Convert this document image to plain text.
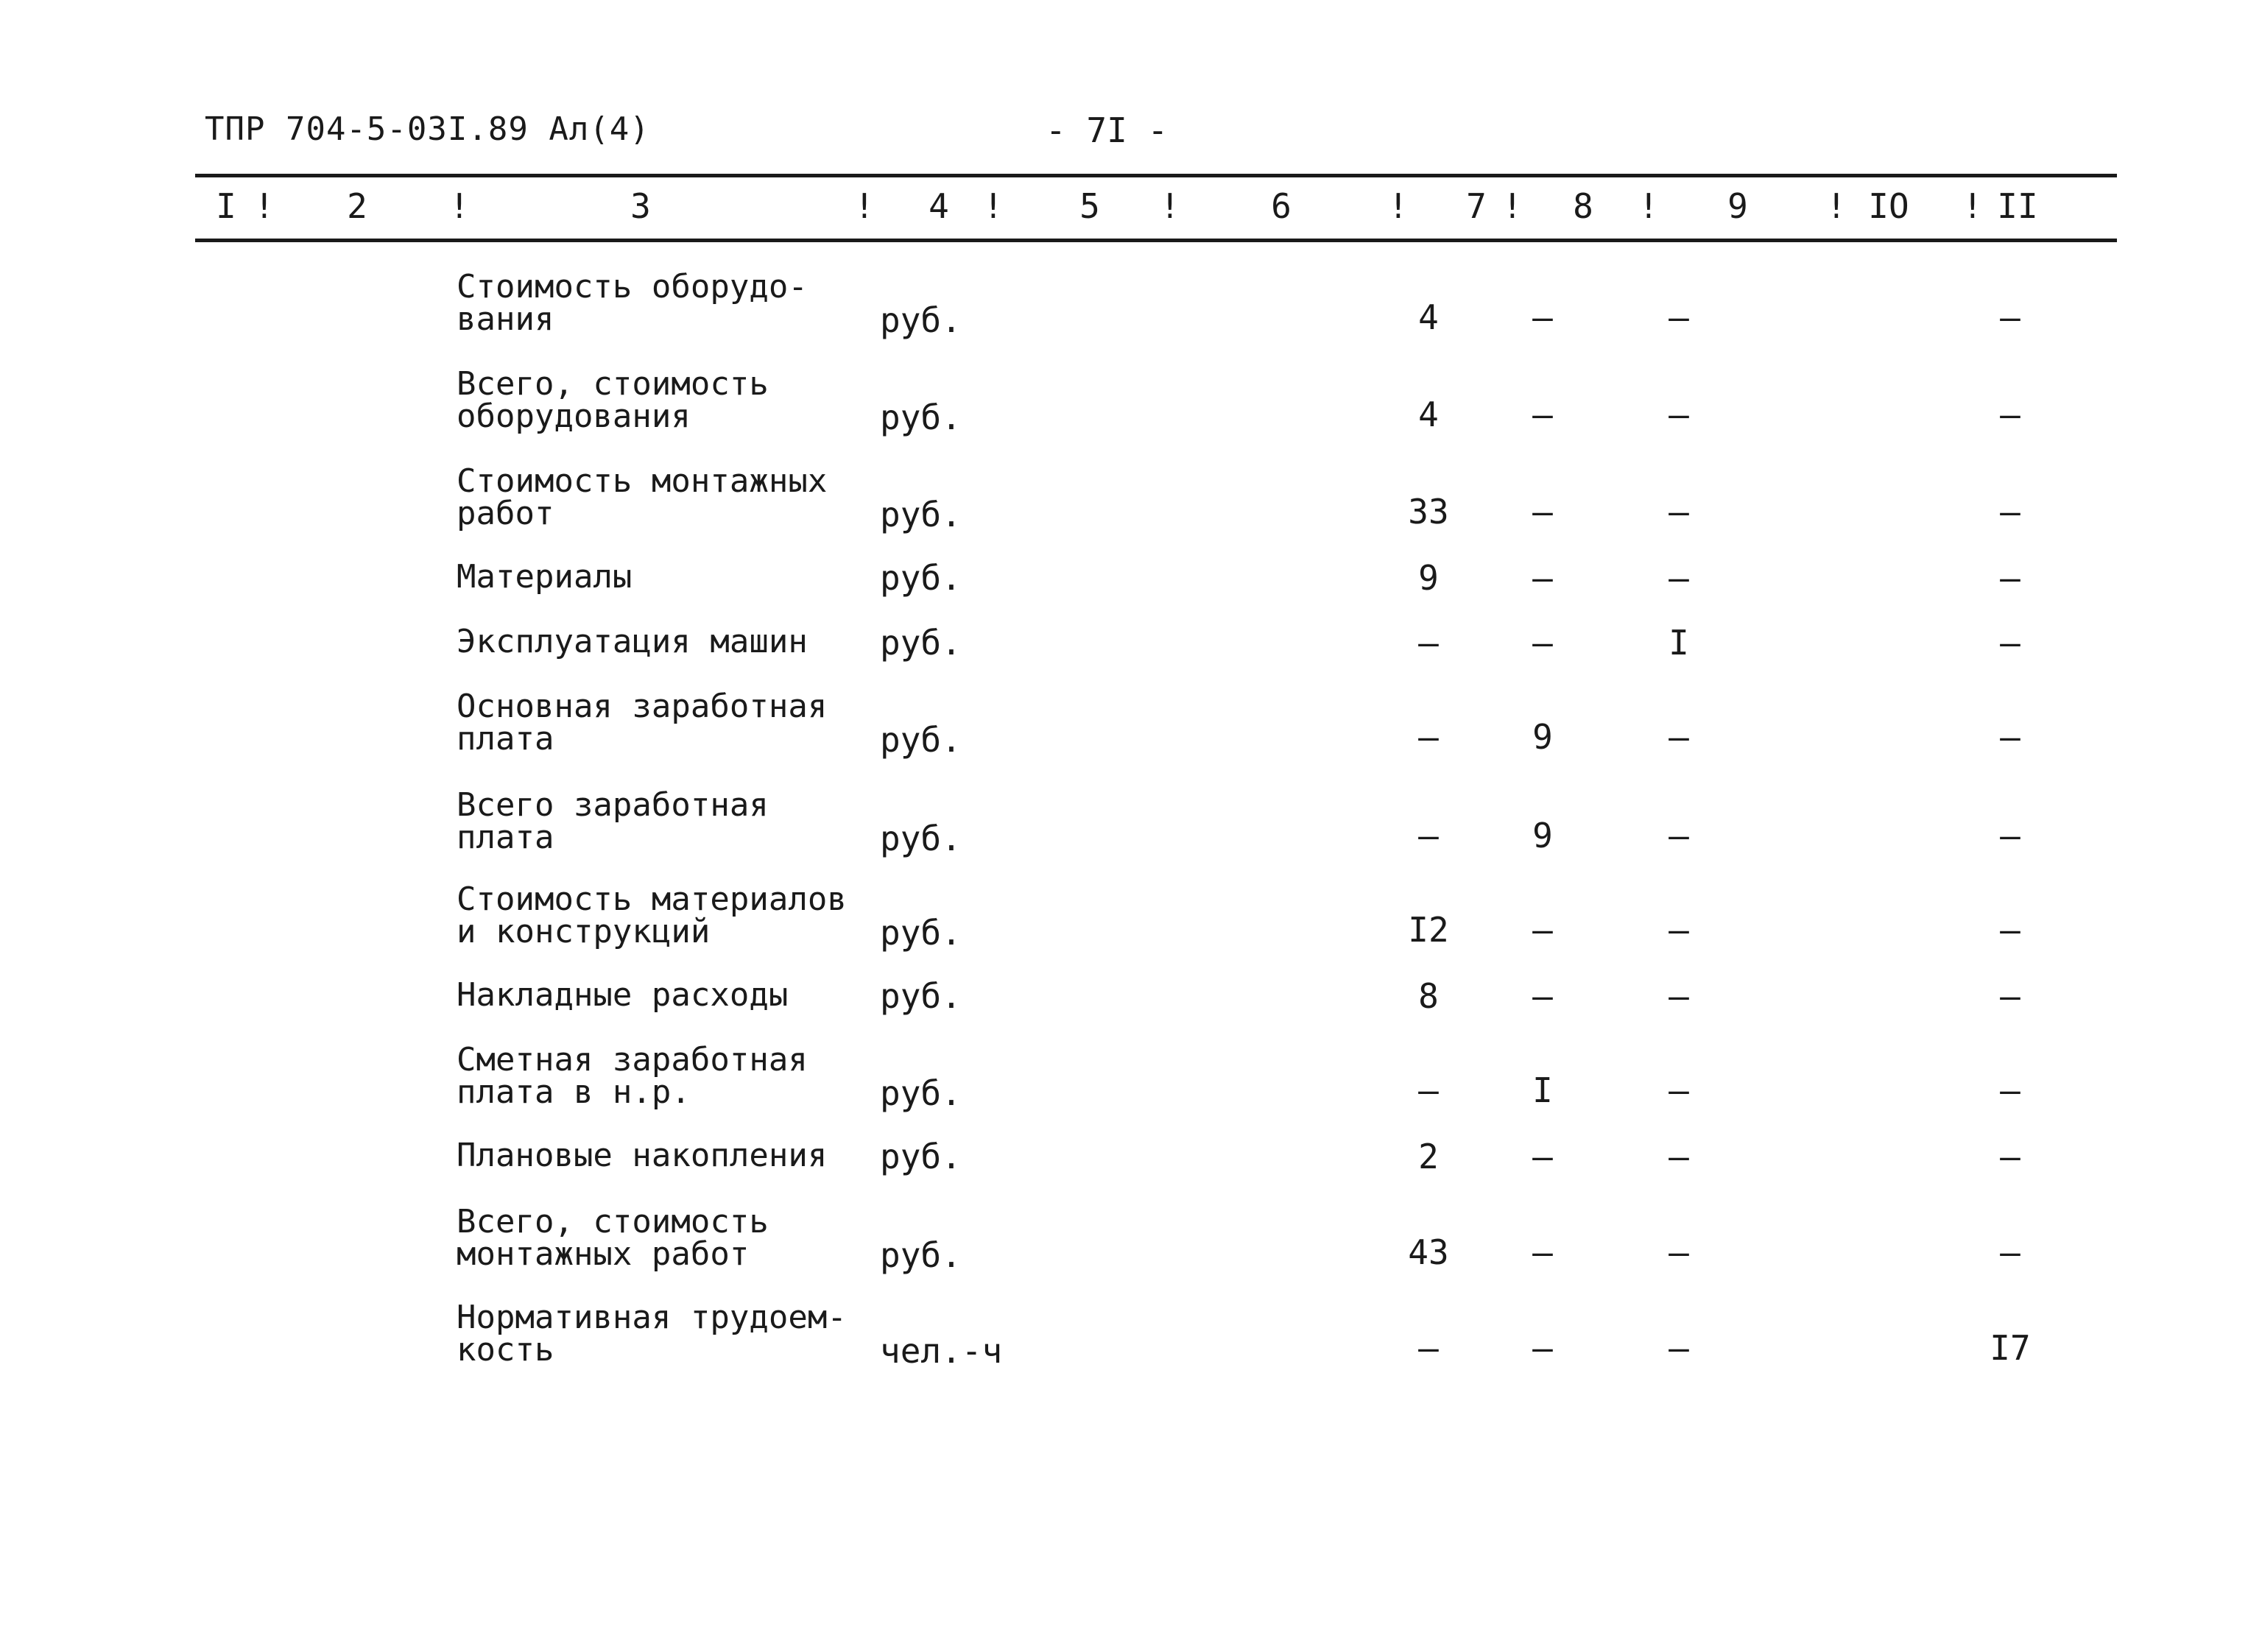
ТПР 704-5-03I.89 Ал(4)	- 7I -
I !	2	!	3	!	4	!	5	!	6	!	7 !	8	!	9	! IO ! II
Стоимость оборудо-
вания	руб.	4	–	–	–
Всего, стоимость
оборудования	руб.	4	–	–	–
Стоимость монтажных
работ	руб.	33	–	–	–
Материалы	руб.	9	–	–	–
Эксплуатация машин	руб.	–	–	I	–
Основная заработная
плата	руб.	–	9	–	–
Всего заработная
плата	руб.	–	9	–	–
Стоимость материалов
и конструкций	руб.	I2	–	–	–
Накладные расходы	руб.	8	–	–	–
Сметная заработная
плата в н.р.	руб.	–	I	–	–
Плановые накопления	руб.	2	–	–	–
Всего, стоимость
монтажных работ	руб.	43	–	–	–
Нормативная трудоем-
кость	чел.-ч	–	–	–	I7
